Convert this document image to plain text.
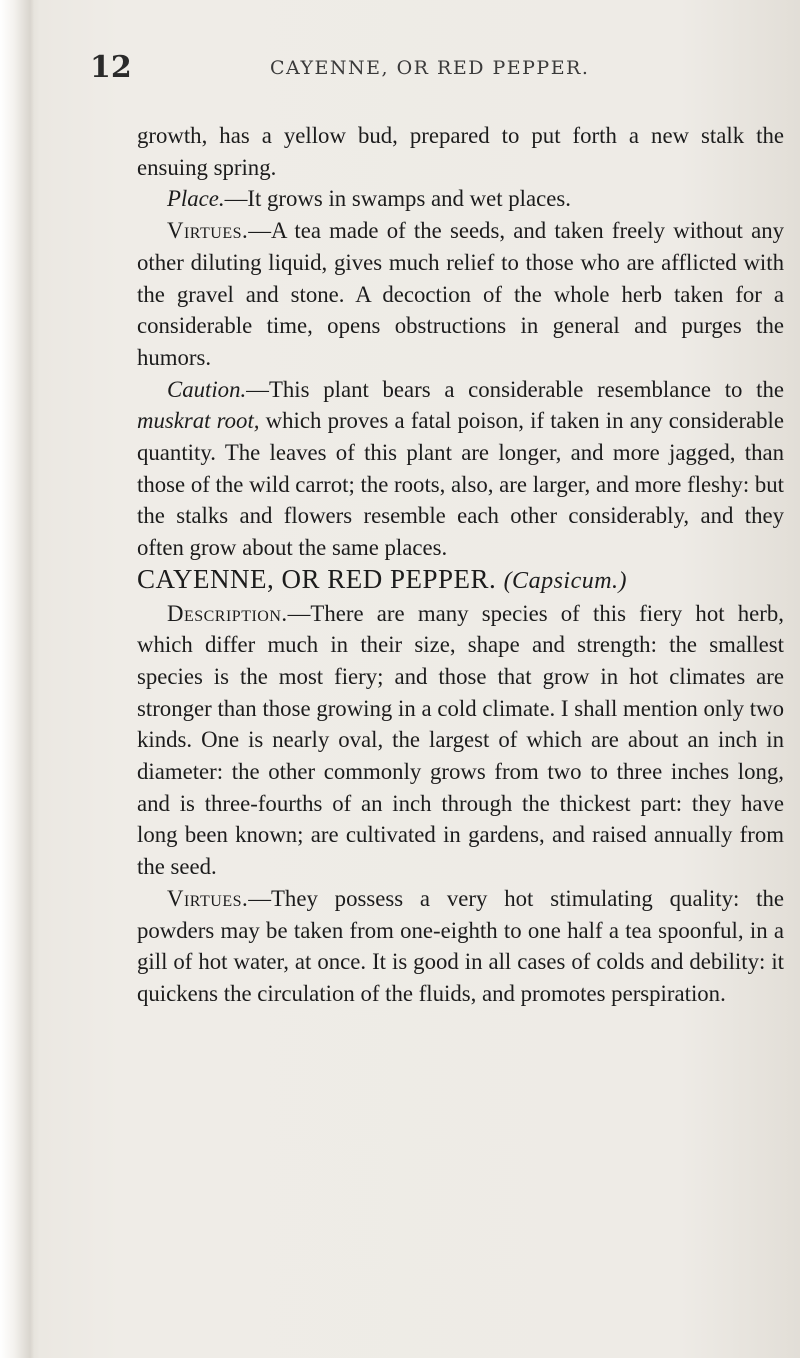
12	CAYENNE, OR RED PEPPER.

growth, has a yellow bud, prepared to put forth a new stalk the ensuing spring.

Place.—It grows in swamps and wet places.

Virtues.—A tea made of the seeds, and taken freely without any other diluting liquid, gives much relief to those who are afflicted with the gravel and stone. A decoction of the whole herb taken for a considerable time, opens obstructions in general and purges the humors.

Caution.—This plant bears a considerable resemblance to the muskrat root, which proves a fatal poison, if taken in any considerable quantity. The leaves of this plant are longer, and more jagged, than those of the wild carrot; the roots, also, are larger, and more fleshy: but the stalks and flowers resemble each other considerably, and they often grow about the same places.

CAYENNE, OR RED PEPPER. (Capsicum.)

Description.—There are many species of this fiery hot herb, which differ much in their size, shape and strength: the smallest species is the most fiery; and those that grow in hot climates are stronger than those growing in a cold climate. I shall mention only two kinds. One is nearly oval, the largest of which are about an inch in diameter: the other commonly grows from two to three inches long, and is three-fourths of an inch through the thickest part: they have long been known; are cultivated in gardens, and raised annually from the seed.

Virtues.—They possess a very hot stimulating quality: the powders may be taken from one-eighth to one half a tea spoonful, in a gill of hot water, at once. It is good in all cases of colds and debility: it quickens the circulation of the fluids, and promotes perspiration.
